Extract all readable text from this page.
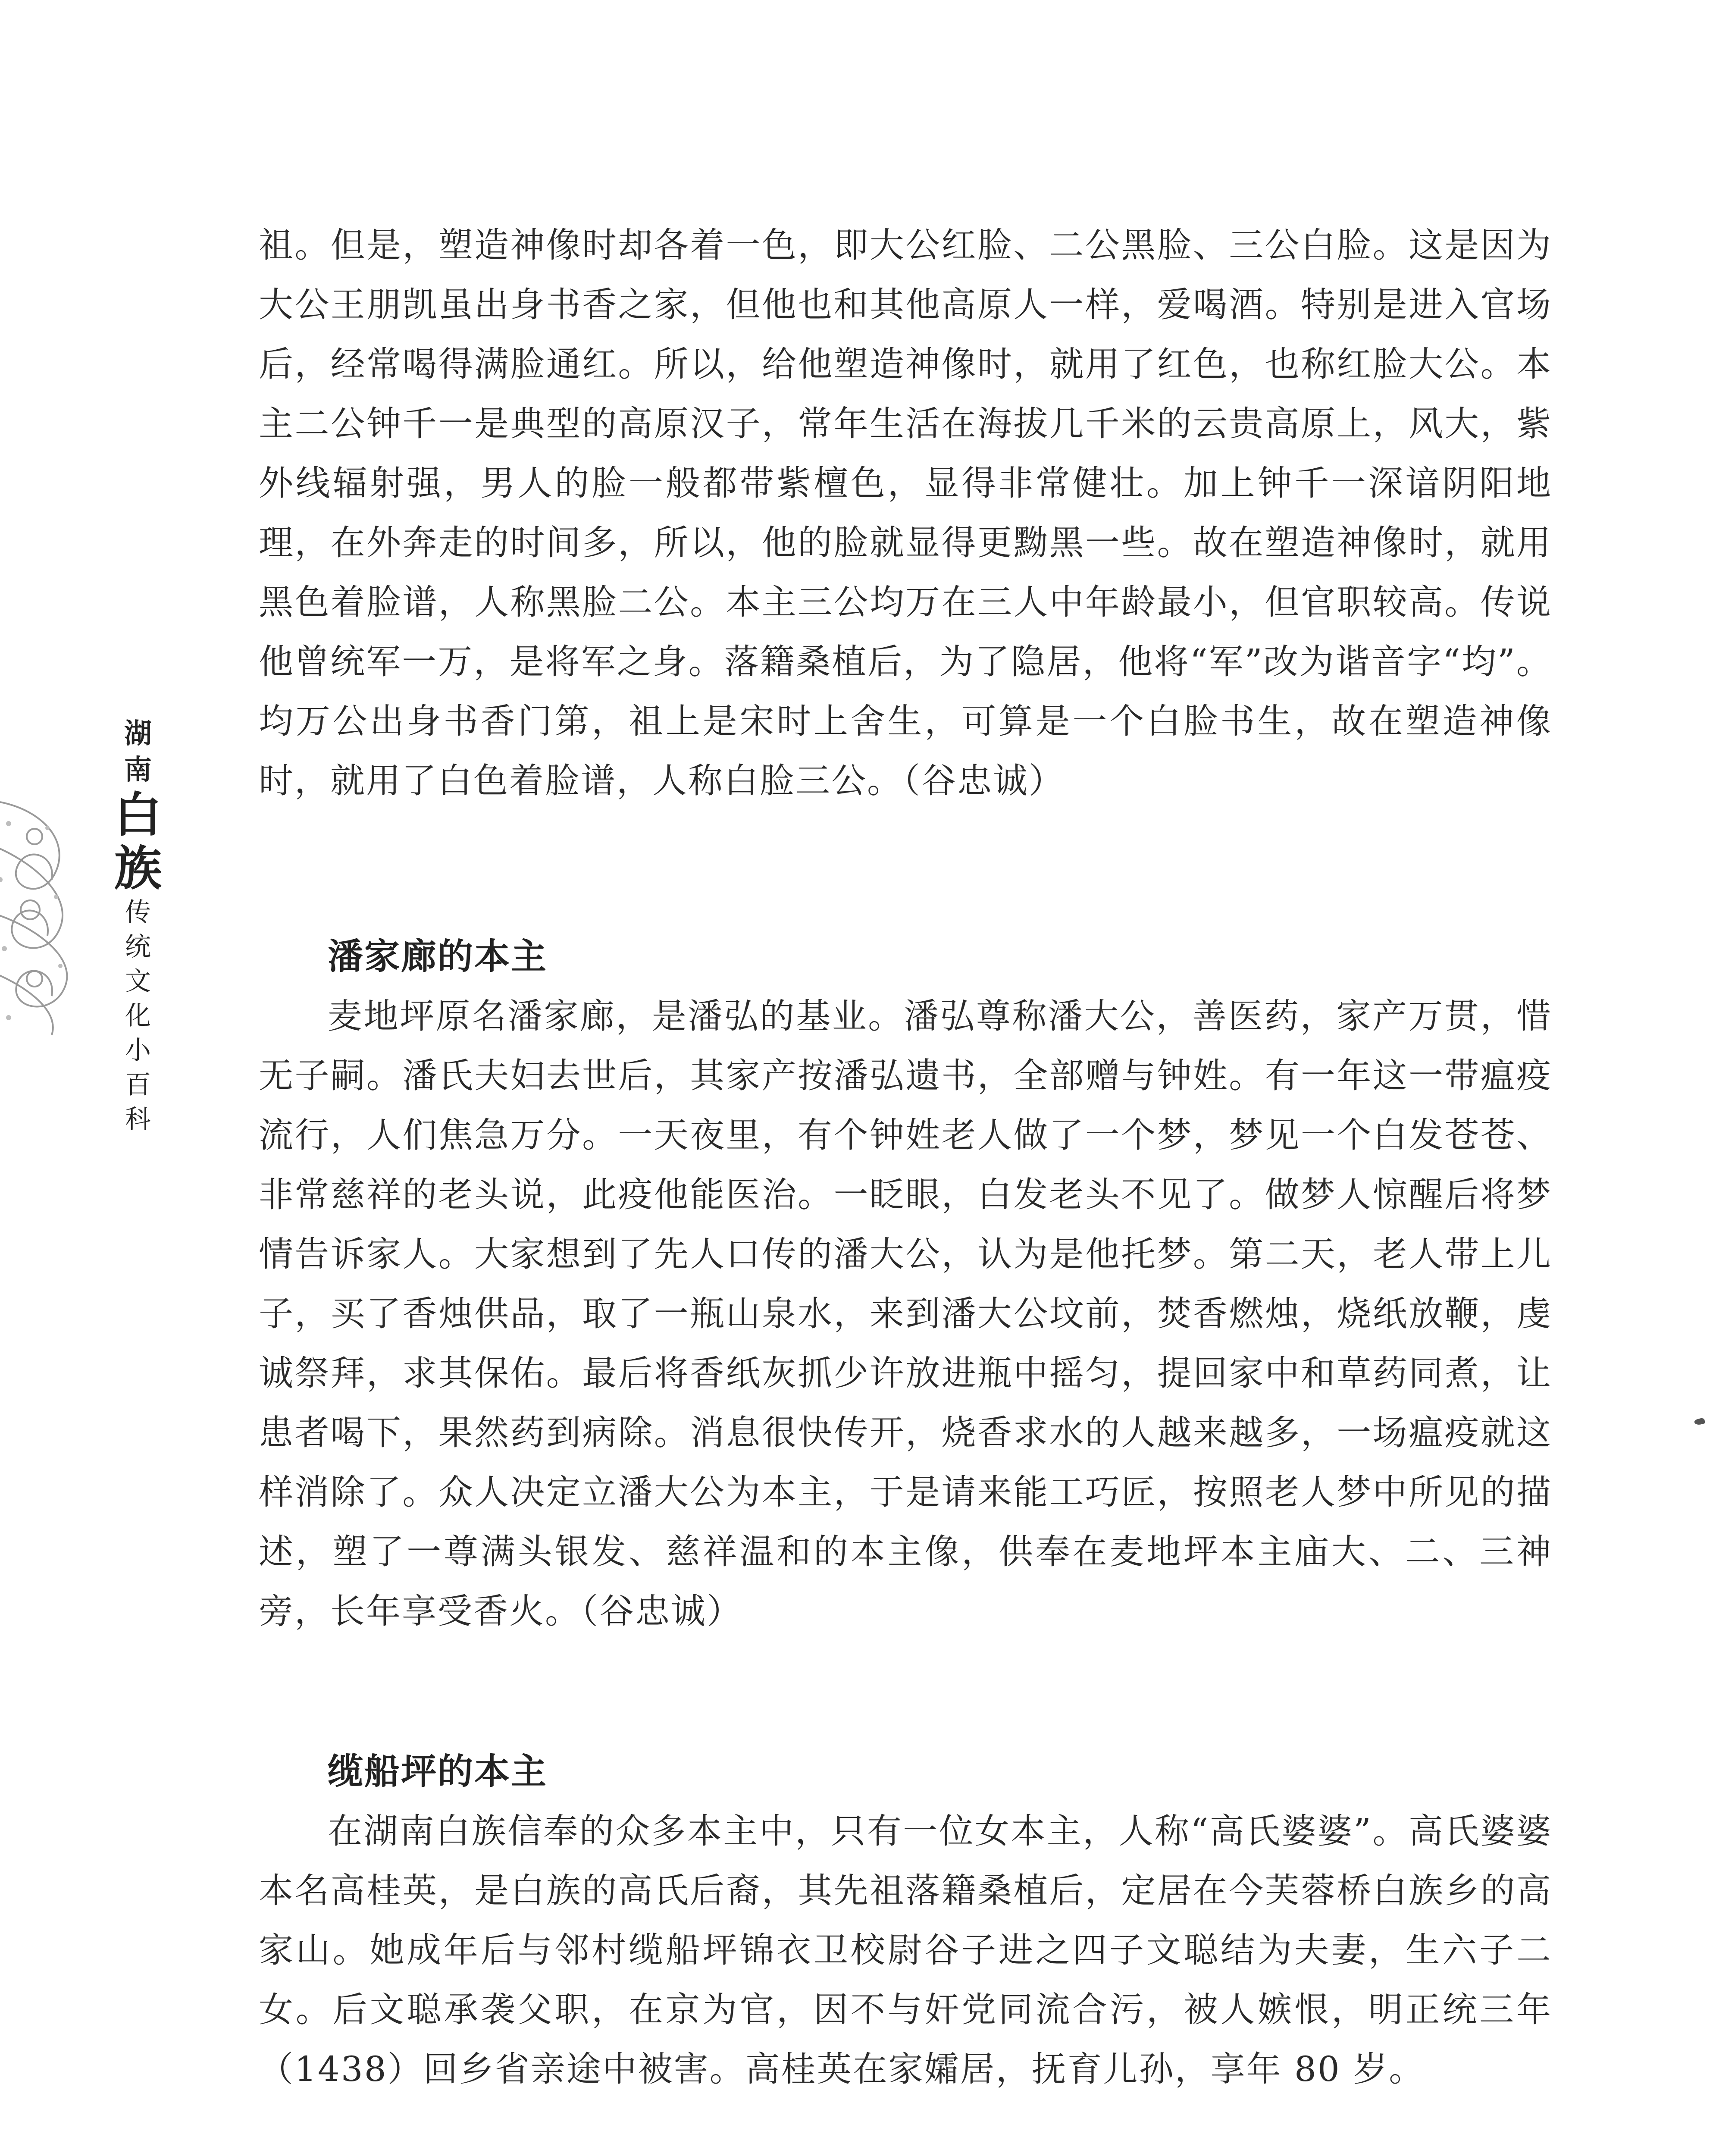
湖
南
白
族
传
统
文
化
小
百
科

祖。但是，塑造神像时却各着一色，即大公红脸、二公黑脸、三公白脸。这是因为大公王朋凯虽出身书香之家，但他也和其他高原人一样，爱喝酒。特别是进入官场后，经常喝得满脸通红。所以，给他塑造神像时，就用了红色，也称红脸大公。本主二公钟千一是典型的高原汉子，常年生活在海拔几千米的云贵高原上，风大，紫外线辐射强，男人的脸一般都带紫檀色，显得非常健壮。加上钟千一深谙阴阳地理，在外奔走的时间多，所以，他的脸就显得更黝黑一些。故在塑造神像时，就用黑色着脸谱，人称黑脸二公。本主三公均万在三人中年龄最小，但官职较高。传说他曾统军一万，是将军之身。落籍桑植后，为了隐居，他将“军”改为谐音字“均”。均万公出身书香门第，祖上是宋时上舍生，可算是一个白脸书生，故在塑造神像时，就用了白色着脸谱，人称白脸三公。（谷忠诚）

潘家廊的本主

麦地坪原名潘家廊，是潘弘的基业。潘弘尊称潘大公，善医药，家产万贯，惜无子嗣。潘氏夫妇去世后，其家产按潘弘遗书，全部赠与钟姓。有一年这一带瘟疫流行，人们焦急万分。一天夜里，有个钟姓老人做了一个梦，梦见一个白发苍苍、非常慈祥的老头说，此疫他能医治。一眨眼，白发老头不见了。做梦人惊醒后将梦情告诉家人。大家想到了先人口传的潘大公，认为是他托梦。第二天，老人带上儿子，买了香烛供品，取了一瓶山泉水，来到潘大公坟前，焚香燃烛，烧纸放鞭，虔诚祭拜，求其保佑。最后将香纸灰抓少许放进瓶中摇匀，提回家中和草药同煮，让患者喝下，果然药到病除。消息很快传开，烧香求水的人越来越多，一场瘟疫就这样消除了。众人决定立潘大公为本主，于是请来能工巧匠，按照老人梦中所见的描述，塑了一尊满头银发、慈祥温和的本主像，供奉在麦地坪本主庙大、二、三神旁，长年享受香火。（谷忠诚）

缆船坪的本主

在湖南白族信奉的众多本主中，只有一位女本主，人称“高氏婆婆”。高氏婆婆本名高桂英，是白族的高氏后裔，其先祖落籍桑植后，定居在今芙蓉桥白族乡的高家山。她成年后与邻村缆船坪锦衣卫校尉谷子进之四子文聪结为夫妻，生六子二女。后文聪承袭父职，在京为官，因不与奸党同流合污，被人嫉恨，明正统三年（1438）回乡省亲途中被害。高桂英在家孀居，抚育儿孙，享年 80 岁。
